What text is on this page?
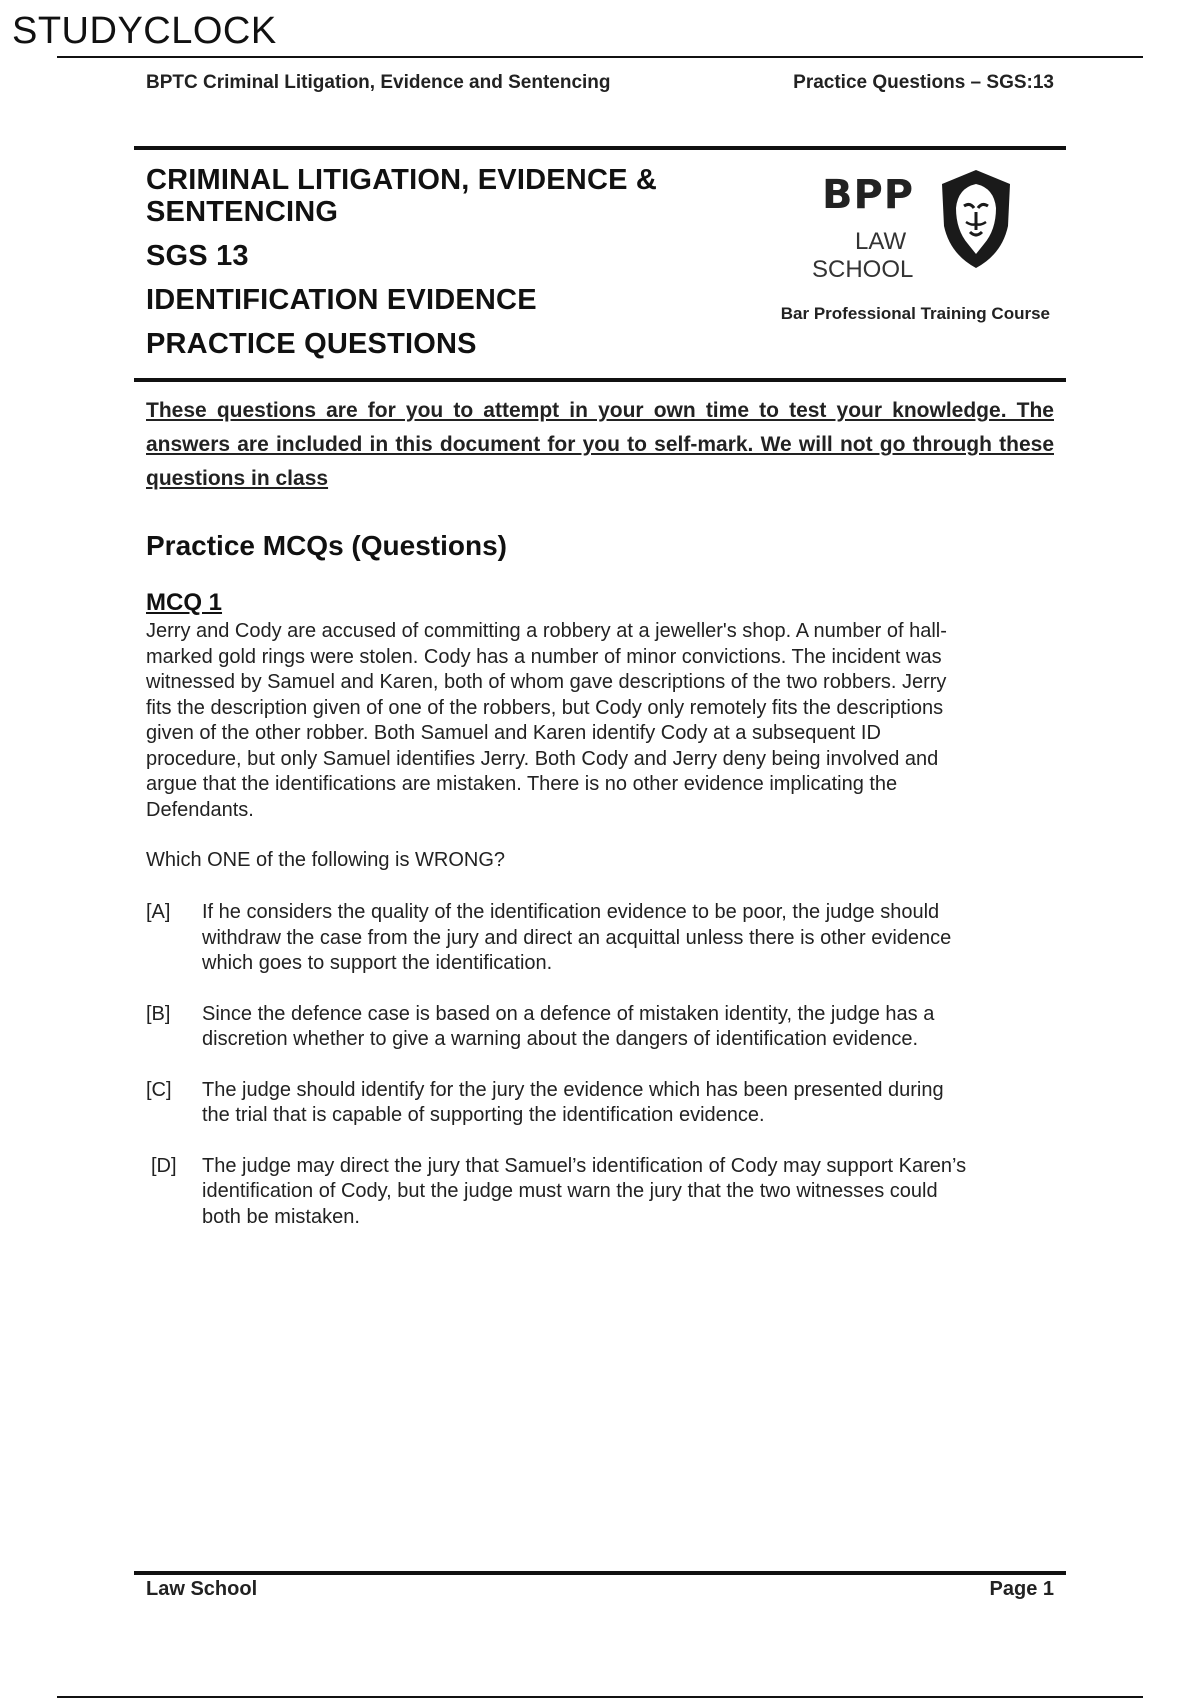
STUDYCLOCK
BPTC Criminal Litigation, Evidence and Sentencing	Practice Questions – SGS:13
CRIMINAL LITIGATION, EVIDENCE &
SENTENCING
SGS 13
IDENTIFICATION EVIDENCE
PRACTICE QUESTIONS
BPP
LAW
SCHOOL
Bar Professional Training Course
These questions are for you to attempt in your own time to test your knowledge. The answers are included in this document for you to self-mark. We will not go through these questions in class
Practice MCQs (Questions)
MCQ 1
Jerry and Cody are accused of committing a robbery at a jeweller's shop. A number of hall-
marked gold rings were stolen. Cody has a number of minor convictions. The incident was
witnessed by Samuel and Karen, both of whom gave descriptions of the two robbers. Jerry
fits the description given of one of the robbers, but Cody only remotely fits the descriptions
given of the other robber. Both Samuel and Karen identify Cody at a subsequent ID
procedure, but only Samuel identifies Jerry. Both Cody and Jerry deny being involved and
argue that the identifications are mistaken. There is no other evidence implicating the
Defendants.
Which ONE of the following is WRONG?
[A]	If he considers the quality of the identification evidence to be poor, the judge should
withdraw the case from the jury and direct an acquittal unless there is other evidence
which goes to support the identification.
[B]	Since the defence case is based on a defence of mistaken identity, the judge has a
discretion whether to give a warning about the dangers of identification evidence.
[C]	The judge should identify for the jury the evidence which has been presented during
the trial that is capable of supporting the identification evidence.
[D]	The judge may direct the jury that Samuel’s identification of Cody may support Karen’s
identification of Cody, but the judge must warn the jury that the two witnesses could
both be mistaken.
Law School	Page 1
